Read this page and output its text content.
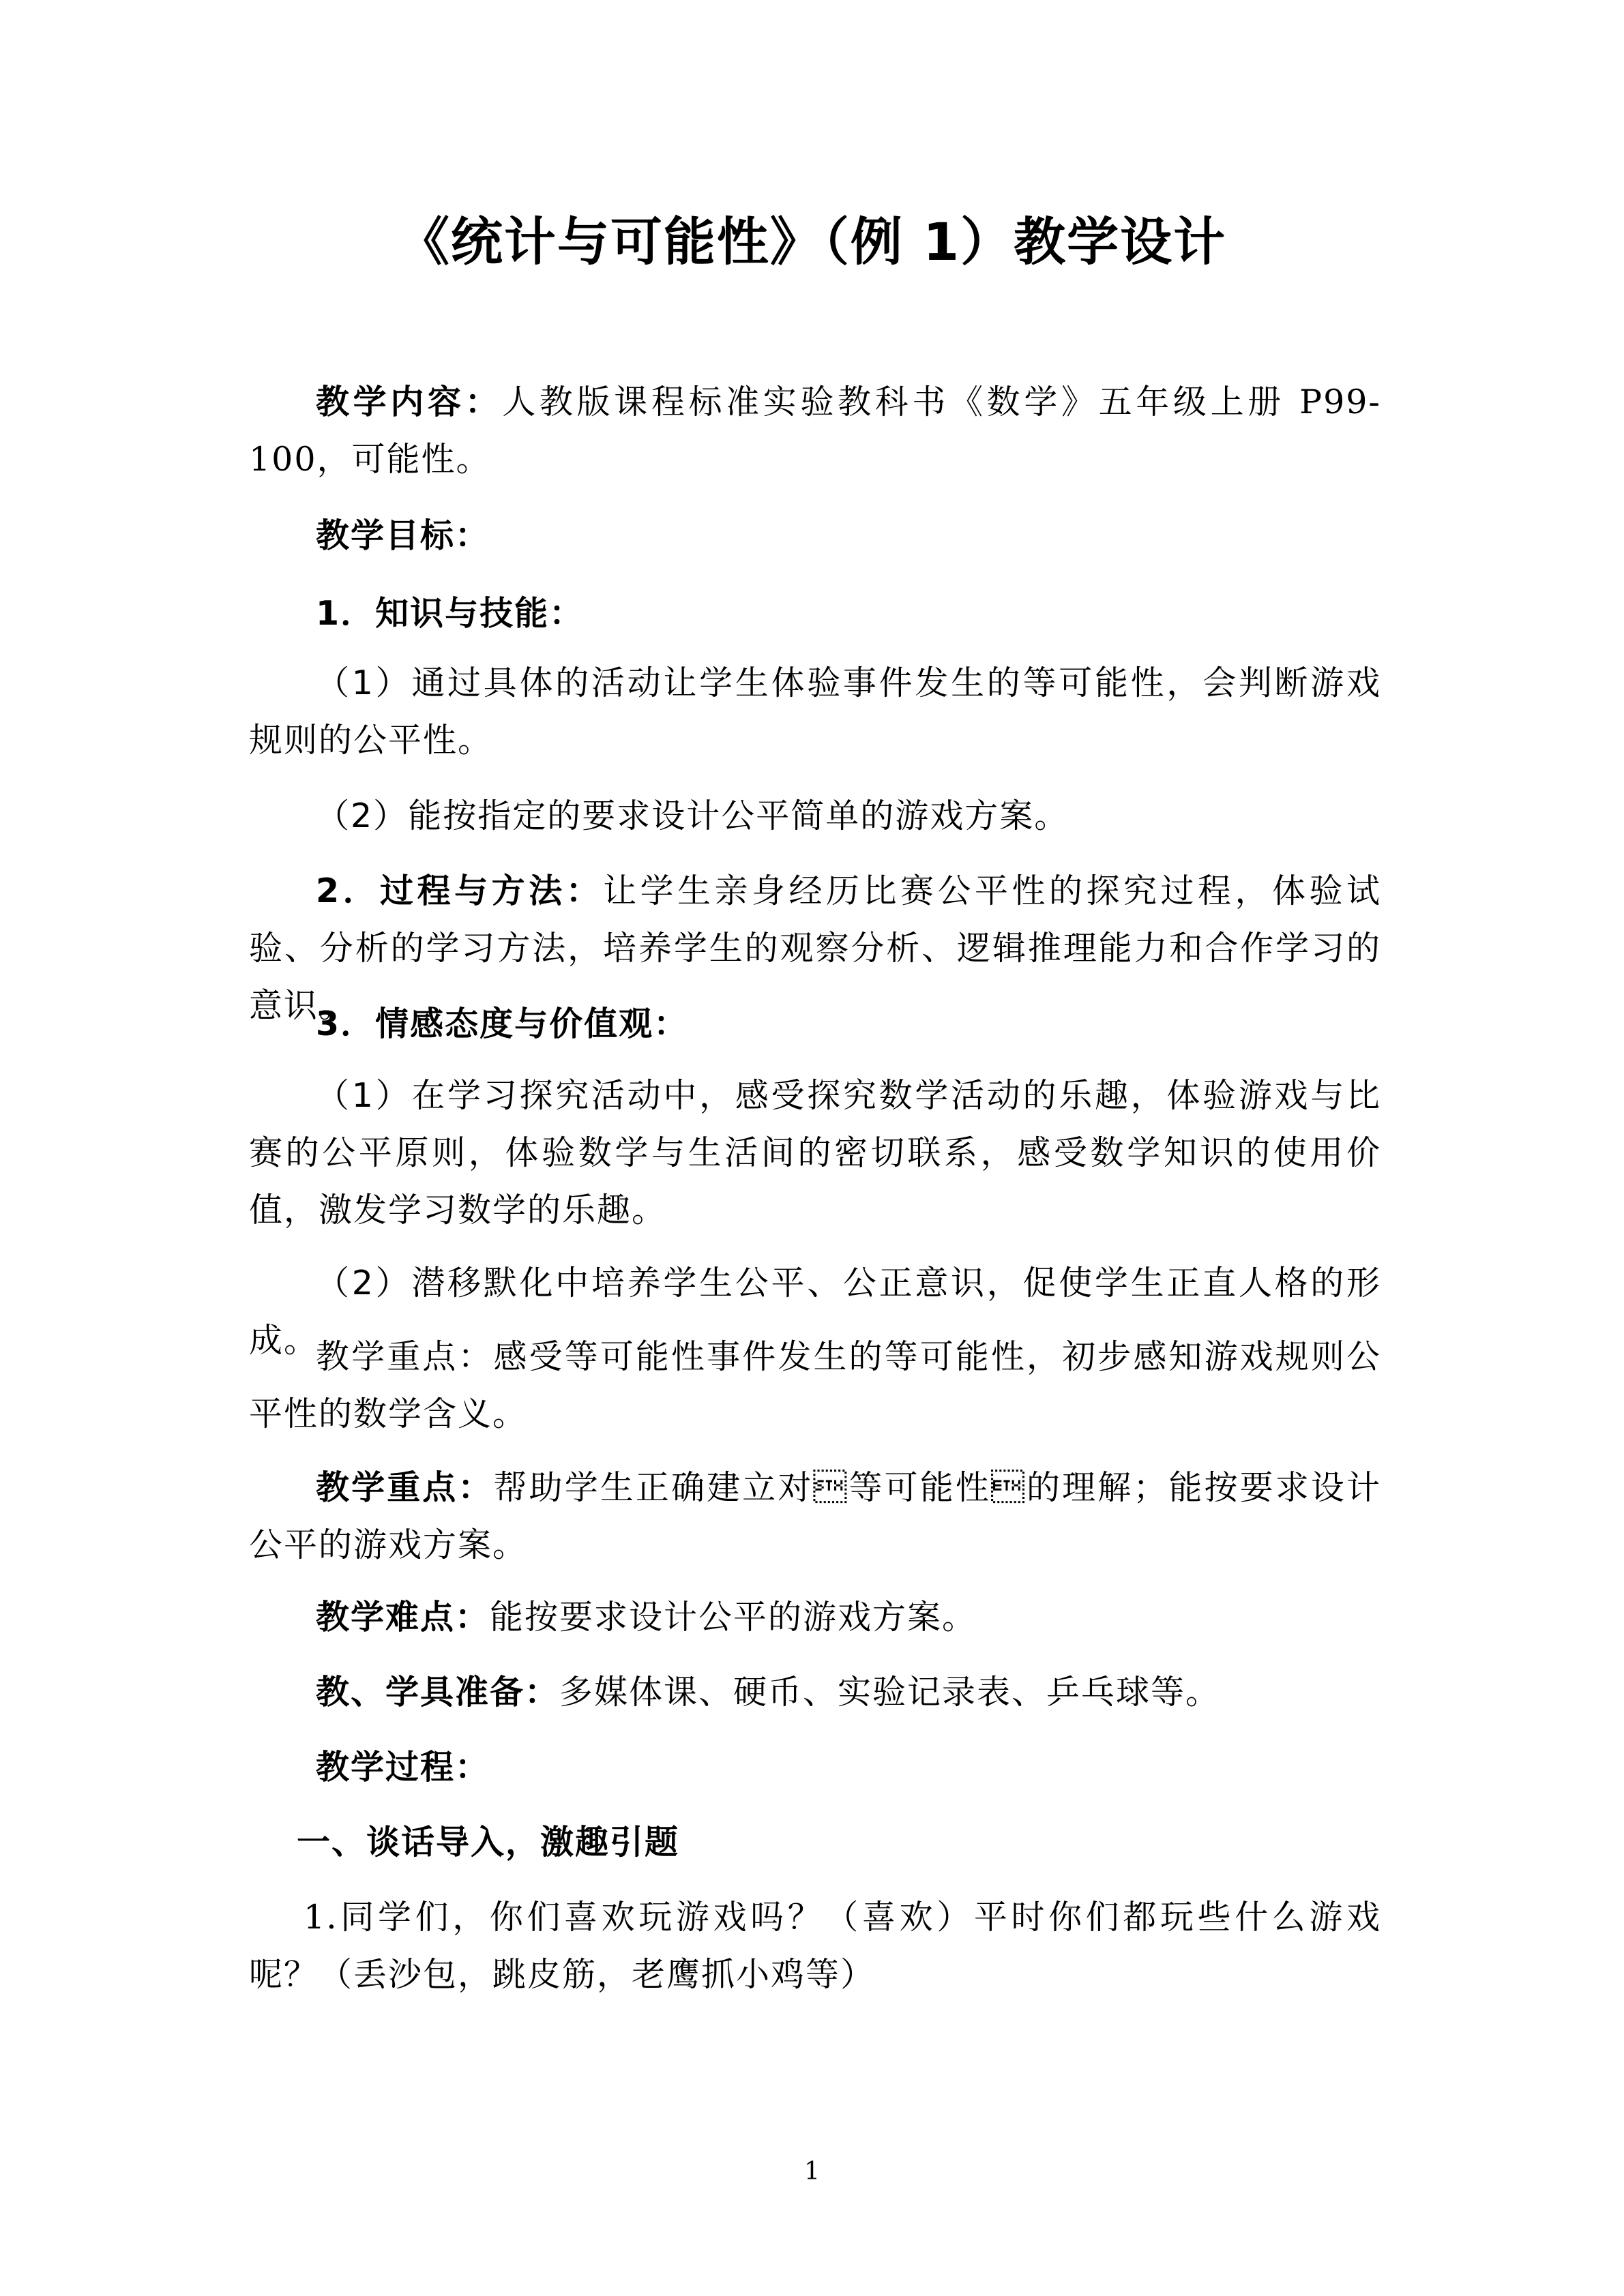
《统计与可能性》（例 1）教学设计

教学内容：人教版课程标准实验教科书《数学》五年级上册 P99-100，可能性。

教学目标：

1．知识与技能：

（1）通过具体的活动让学生体验事件发生的等可能性，会判断游戏规则的公平性。

（2）能按指定的要求设计公平简单的游戏方案。

2．过程与方法：让学生亲身经历比赛公平性的探究过程，体验试验、分析的学习方法，培养学生的观察分析、逻辑推理能力和合作学习的意识。

3．情感态度与价值观：

（1）在学习探究活动中，感受探究数学活动的乐趣，体验游戏与比赛的公平原则，体验数学与生活间的密切联系，感受数学知识的使用价值，激发学习数学的乐趣。

（2）潜移默化中培养学生公平、公正意识，促使学生正直人格的形成。

教学重点：感受等可能性事件发生的等可能性，初步感知游戏规则公平性的数学含义。

教学重点：帮助学生正确建立对等可能性的理解；能按要求设计公平的游戏方案。

教学难点：能按要求设计公平的游戏方案。

教、学具准备：多媒体课、硬币、实验记录表、乒乓球等。

教学过程：

一、谈话导入，激趣引题

1.同学们，你们喜欢玩游戏吗？（喜欢）平时你们都玩些什么游戏呢？（丢沙包，跳皮筋，老鹰抓小鸡等）

1
